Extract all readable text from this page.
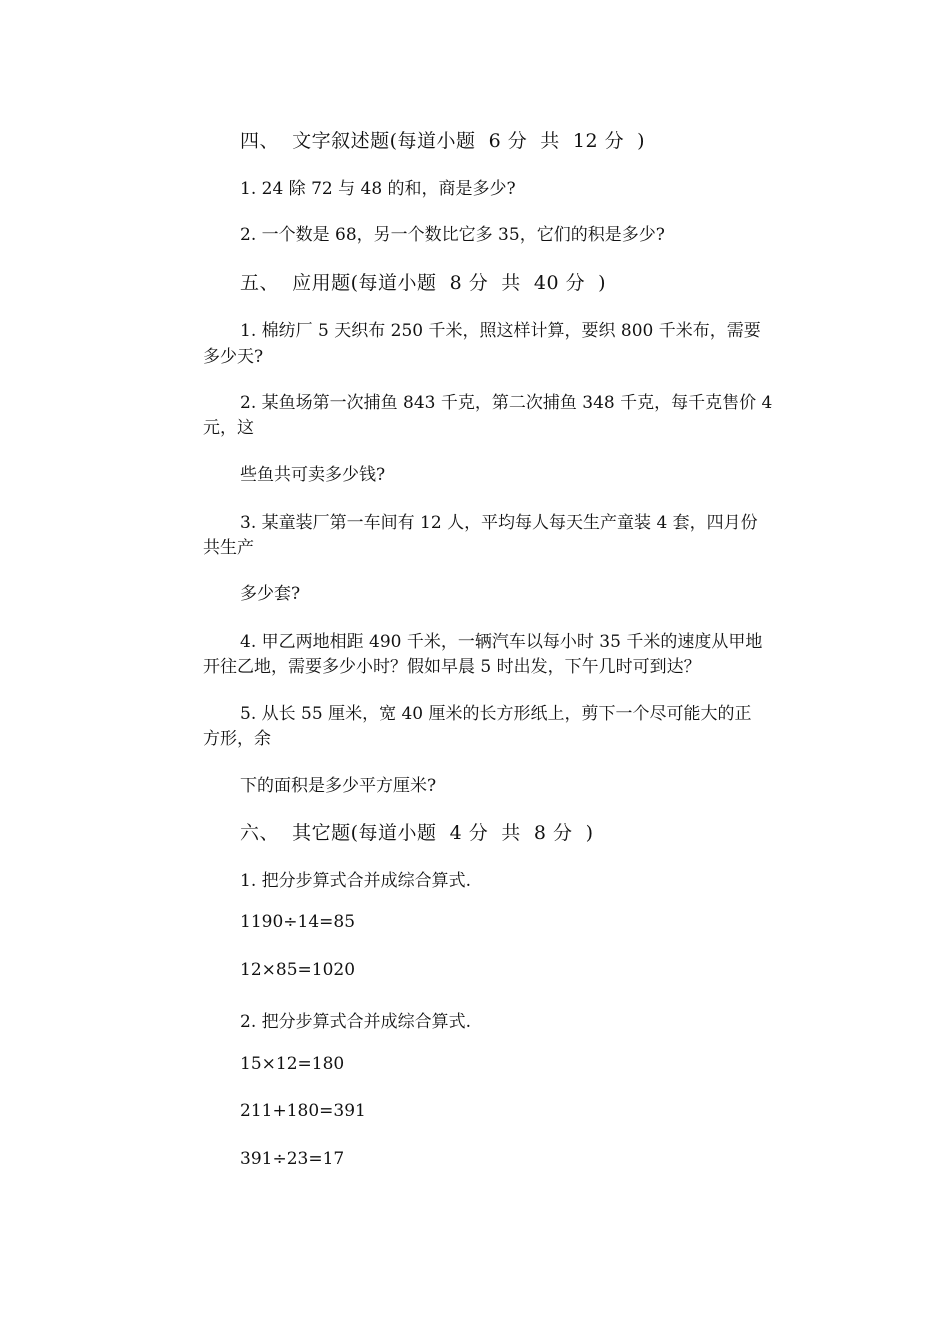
四、  文字叙述题(每道小题  6 分  共  12 分  )
1. 24 除 72 与 48 的和，商是多少?
2. 一个数是 68，另一个数比它多 35，它们的积是多少?
五、  应用题(每道小题  8 分  共  40 分  )
1. 棉纺厂 5 天织布 250 千米，照这样计算，要织 800 千米布，需要
多少天?
2. 某鱼场第一次捕鱼 843 千克，第二次捕鱼 348 千克，每千克售价 4
元，这
些鱼共可卖多少钱?
3. 某童装厂第一车间有 12 人，平均每人每天生产童装 4 套，四月份
共生产
多少套?
4. 甲乙两地相距 490 千米，一辆汽车以每小时 35 千米的速度从甲地
开往乙地，需要多少小时？假如早晨 5 时出发，下午几时可到达？
5. 从长 55 厘米，宽 40 厘米的长方形纸上，剪下一个尽可能大的正
方形，余
下的面积是多少平方厘米?
六、  其它题(每道小题  4 分  共  8 分  )
1. 把分步算式合并成综合算式.
1190÷14=85
12×85=1020
2. 把分步算式合并成综合算式.
15×12=180
211+180=391
391÷23=17
